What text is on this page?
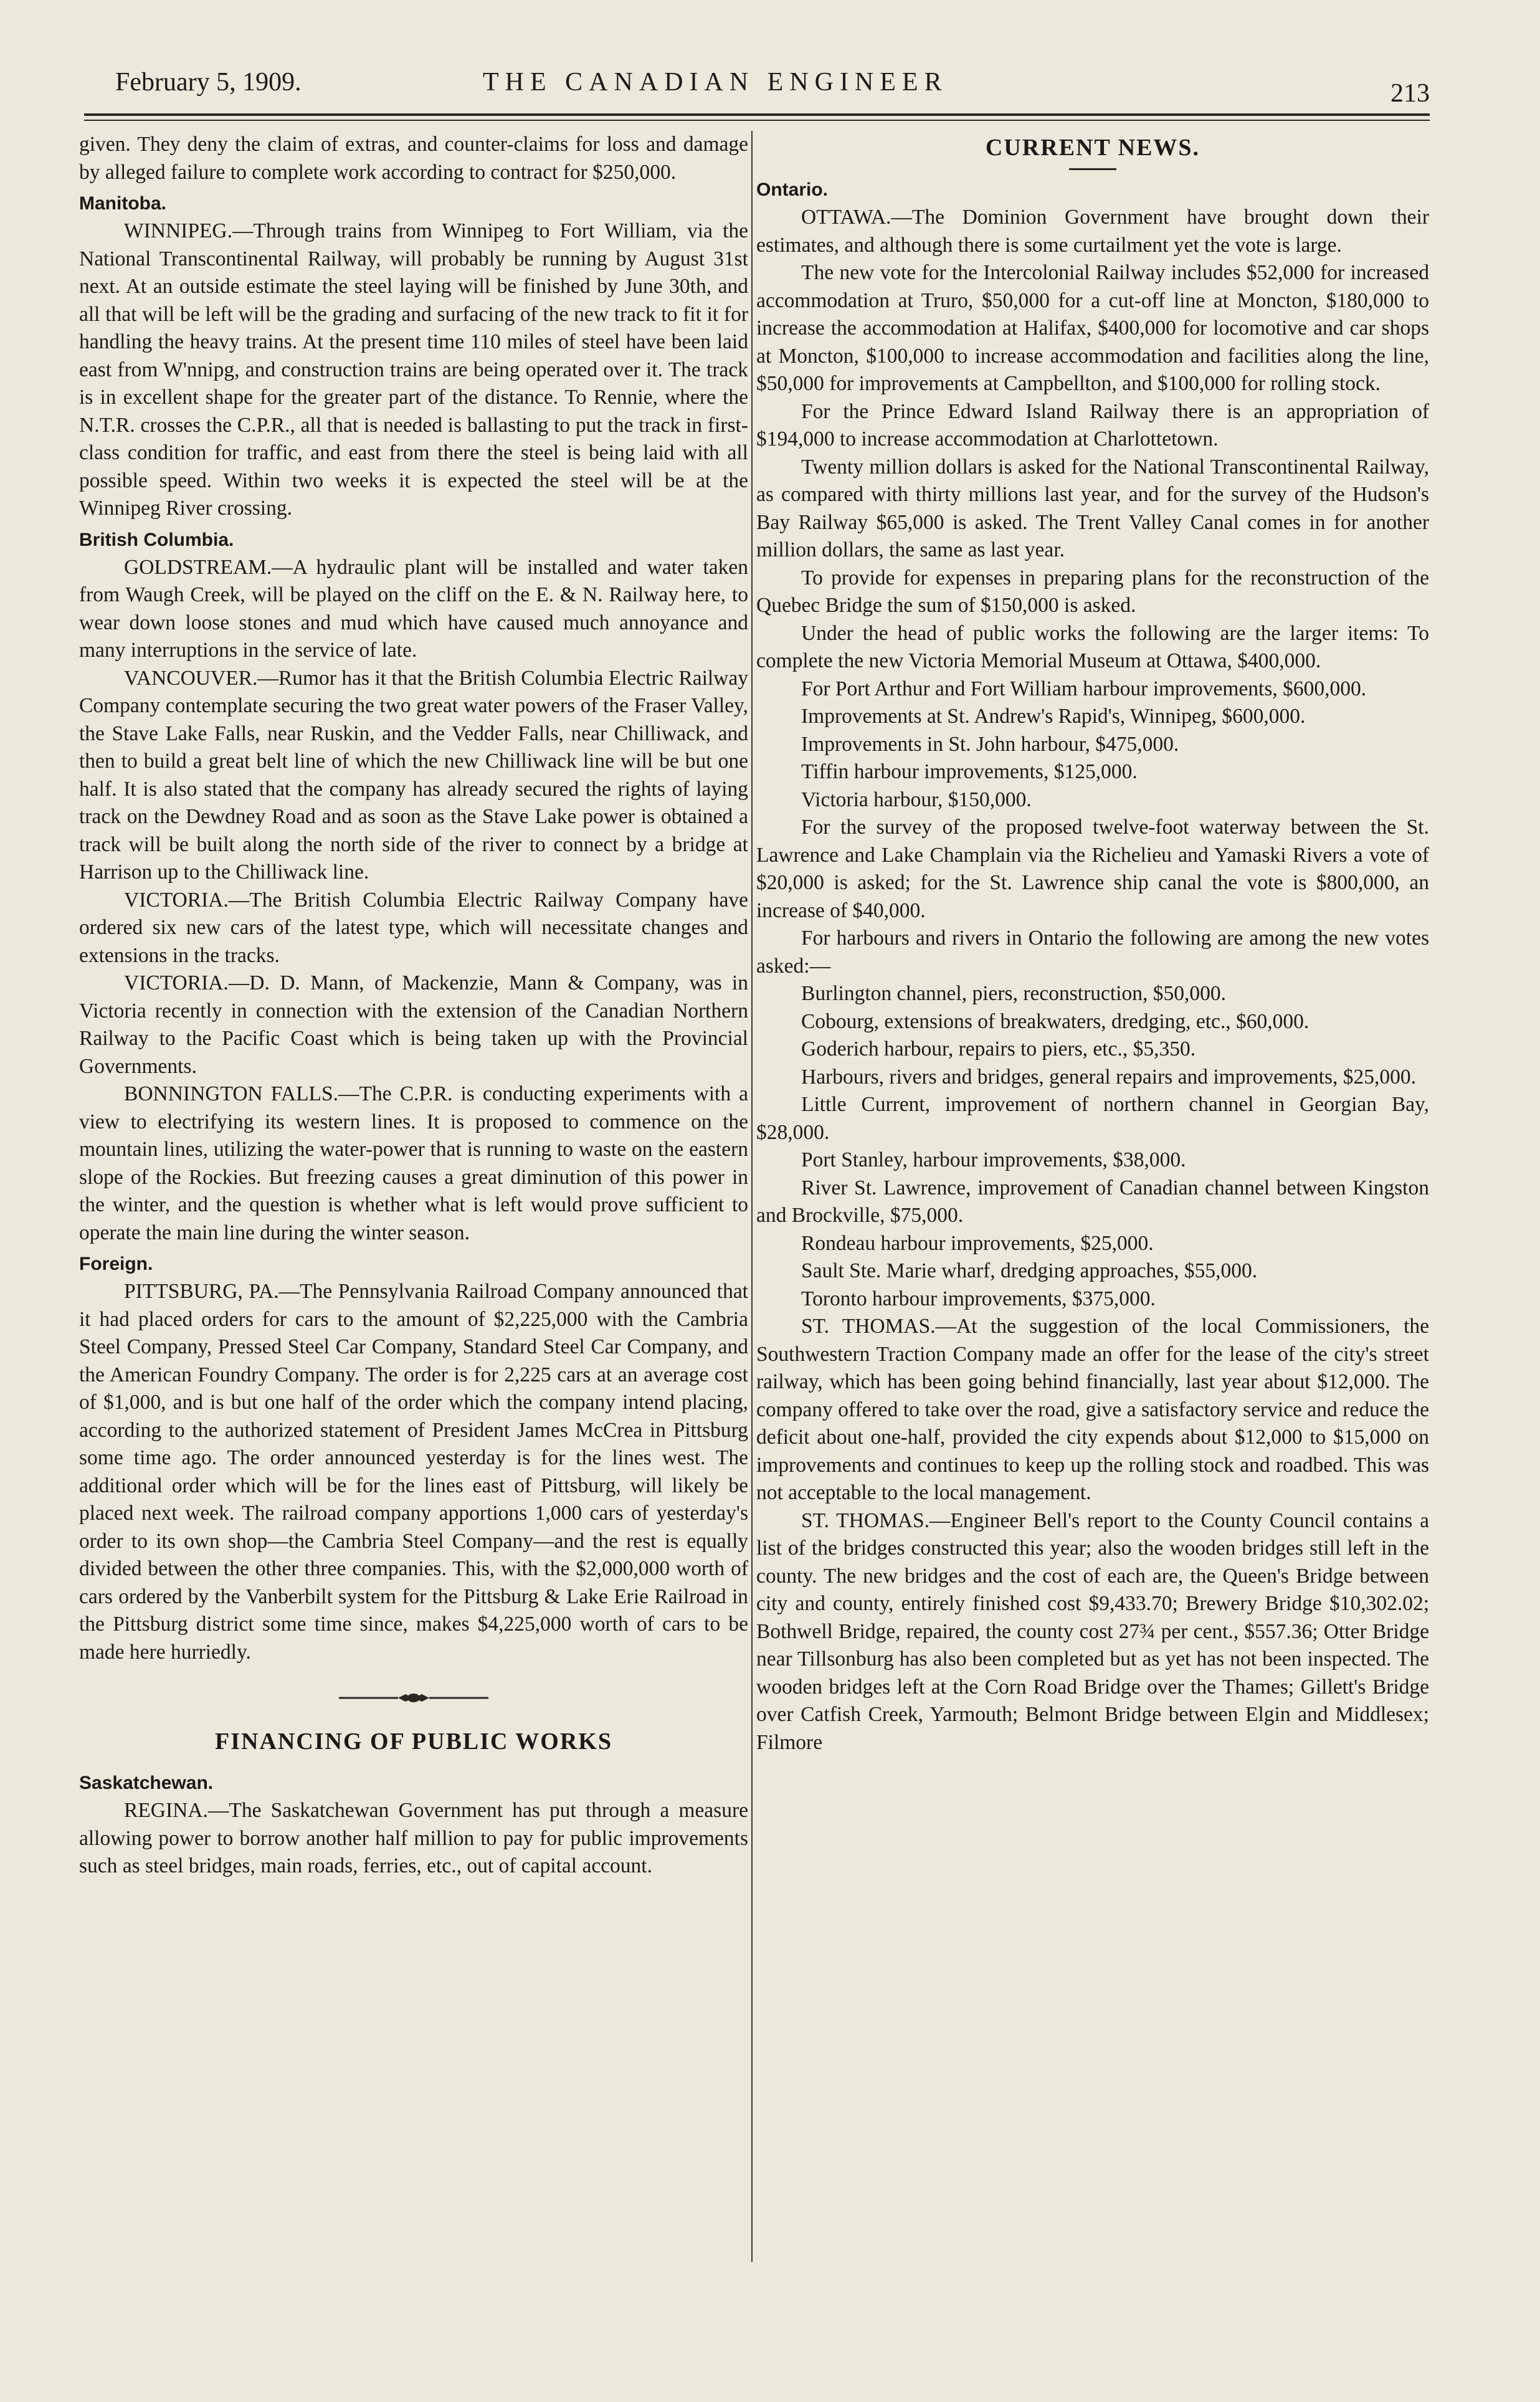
February 5, 1909.	THE CANADIAN ENGINEER	213

given. They deny the claim of extras, and counter-claims for loss and damage by alleged failure to complete work according to contract for $250,000.

Manitoba.

WINNIPEG.—Through trains from Winnipeg to Fort William, via the National Transcontinental Railway, will probably be running by August 31st next. At an outside estimate the steel laying will be finished by June 30th, and all that will be left will be the grading and surfacing of the new track to fit it for handling the heavy trains. At the present time 110 miles of steel have been laid east from W'nnipg, and construction trains are being operated over it. The track is in excellent shape for the greater part of the distance. To Rennie, where the N.T.R. crosses the C.P.R., all that is needed is ballasting to put the track in first-class condition for traffic, and east from there the steel is being laid with all possible speed. Within two weeks it is expected the steel will be at the Winnipeg River crossing.

British Columbia.

GOLDSTREAM.—A hydraulic plant will be installed and water taken from Waugh Creek, will be played on the cliff on the E. & N. Railway here, to wear down loose stones and mud which have caused much annoyance and many interruptions in the service of late.

VANCOUVER.—Rumor has it that the British Columbia Electric Railway Company contemplate securing the two great water powers of the Fraser Valley, the Stave Lake Falls, near Ruskin, and the Vedder Falls, near Chilliwack, and then to build a great belt line of which the new Chilliwack line will be but one half. It is also stated that the company has already secured the rights of laying track on the Dewdney Road and as soon as the Stave Lake power is obtained a track will be built along the north side of the river to connect by a bridge at Harrison up to the Chilliwack line.

VICTORIA.—The British Columbia Electric Railway Company have ordered six new cars of the latest type, which will necessitate changes and extensions in the tracks.

VICTORIA.—D. D. Mann, of Mackenzie, Mann & Company, was in Victoria recently in connection with the extension of the Canadian Northern Railway to the Pacific Coast which is being taken up with the Provincial Governments.

BONNINGTON FALLS.—The C.P.R. is conducting experiments with a view to electrifying its western lines. It is proposed to commence on the mountain lines, utilizing the water-power that is running to waste on the eastern slope of the Rockies. But freezing causes a great diminution of this power in the winter, and the question is whether what is left would prove sufficient to operate the main line during the winter season.

Foreign.

PITTSBURG, PA.—The Pennsylvania Railroad Company announced that it had placed orders for cars to the amount of $2,225,000 with the Cambria Steel Company, Pressed Steel Car Company, Standard Steel Car Company, and the American Foundry Company. The order is for 2,225 cars at an average cost of $1,000, and is but one half of the order which the company intend placing, according to the authorized statement of President James McCrea in Pittsburg some time ago. The order announced yesterday is for the lines west. The additional order which will be for the lines east of Pittsburg, will likely be placed next week. The railroad company apportions 1,000 cars of yesterday's order to its own shop—the Cambria Steel Company—and the rest is equally divided between the other three companies. This, with the $2,000,000 worth of cars ordered by the Vanberbilt system for the Pittsburg & Lake Erie Railroad in the Pittsburg district some time since, makes $4,225,000 worth of cars to be made here hurriedly.

FINANCING OF PUBLIC WORKS
Saskatchewan.

REGINA.—The Saskatchewan Government has put through a measure allowing power to borrow another half million to pay for public improvements such as steel bridges, main roads, ferries, etc., out of capital account.

CURRENT NEWS.
Ontario.

OTTAWA.—The Dominion Government have brought down their estimates, and although there is some curtailment yet the vote is large.

The new vote for the Intercolonial Railway includes $52,000 for increased accommodation at Truro, $50,000 for a cut-off line at Moncton, $180,000 to increase the accommodation at Halifax, $400,000 for locomotive and car shops at Moncton, $100,000 to increase accommodation and facilities along the line, $50,000 for improvements at Campbellton, and $100,000 for rolling stock.

For the Prince Edward Island Railway there is an appropriation of $194,000 to increase accommodation at Charlottetown.

Twenty million dollars is asked for the National Transcontinental Railway, as compared with thirty millions last year, and for the survey of the Hudson's Bay Railway $65,000 is asked. The Trent Valley Canal comes in for another million dollars, the same as last year.

To provide for expenses in preparing plans for the reconstruction of the Quebec Bridge the sum of $150,000 is asked.

Under the head of public works the following are the larger items: To complete the new Victoria Memorial Museum at Ottawa, $400,000.

For Port Arthur and Fort William harbour improvements, $600,000.

Improvements at St. Andrew's Rapid's, Winnipeg, $600,000.

Improvements in St. John harbour, $475,000.

Tiffin harbour improvements, $125,000.

Victoria harbour, $150,000.

For the survey of the proposed twelve-foot waterway between the St. Lawrence and Lake Champlain via the Richelieu and Yamaski Rivers a vote of $20,000 is asked; for the St. Lawrence ship canal the vote is $800,000, an increase of $40,000.

For harbours and rivers in Ontario the following are among the new votes asked:—

Burlington channel, piers, reconstruction, $50,000.

Cobourg, extensions of breakwaters, dredging, etc., $60,000.

Goderich harbour, repairs to piers, etc., $5,350.

Harbours, rivers and bridges, general repairs and improvements, $25,000.

Little Current, improvement of northern channel in Georgian Bay, $28,000.

Port Stanley, harbour improvements, $38,000.

River St. Lawrence, improvement of Canadian channel between Kingston and Brockville, $75,000.

Rondeau harbour improvements, $25,000.

Sault Ste. Marie wharf, dredging approaches, $55,000.

Toronto harbour improvements, $375,000.

ST. THOMAS.—At the suggestion of the local Commissioners, the Southwestern Traction Company made an offer for the lease of the city's street railway, which has been going behind financially, last year about $12,000. The company offered to take over the road, give a satisfactory service and reduce the deficit about one-half, provided the city expends about $12,000 to $15,000 on improvements and continues to keep up the rolling stock and roadbed. This was not acceptable to the local management.

ST. THOMAS.—Engineer Bell's report to the County Council contains a list of the bridges constructed this year; also the wooden bridges still left in the county. The new bridges and the cost of each are, the Queen's Bridge between city and county, entirely finished cost $9,433.70; Brewery Bridge $10,302.02; Bothwell Bridge, repaired, the county cost 27¾ per cent., $557.36; Otter Bridge near Tillsonburg has also been completed but as yet has not been inspected. The wooden bridges left at the Corn Road Bridge over the Thames; Gillett's Bridge over Catfish Creek, Yarmouth; Belmont Bridge between Elgin and Middlesex; Filmore
